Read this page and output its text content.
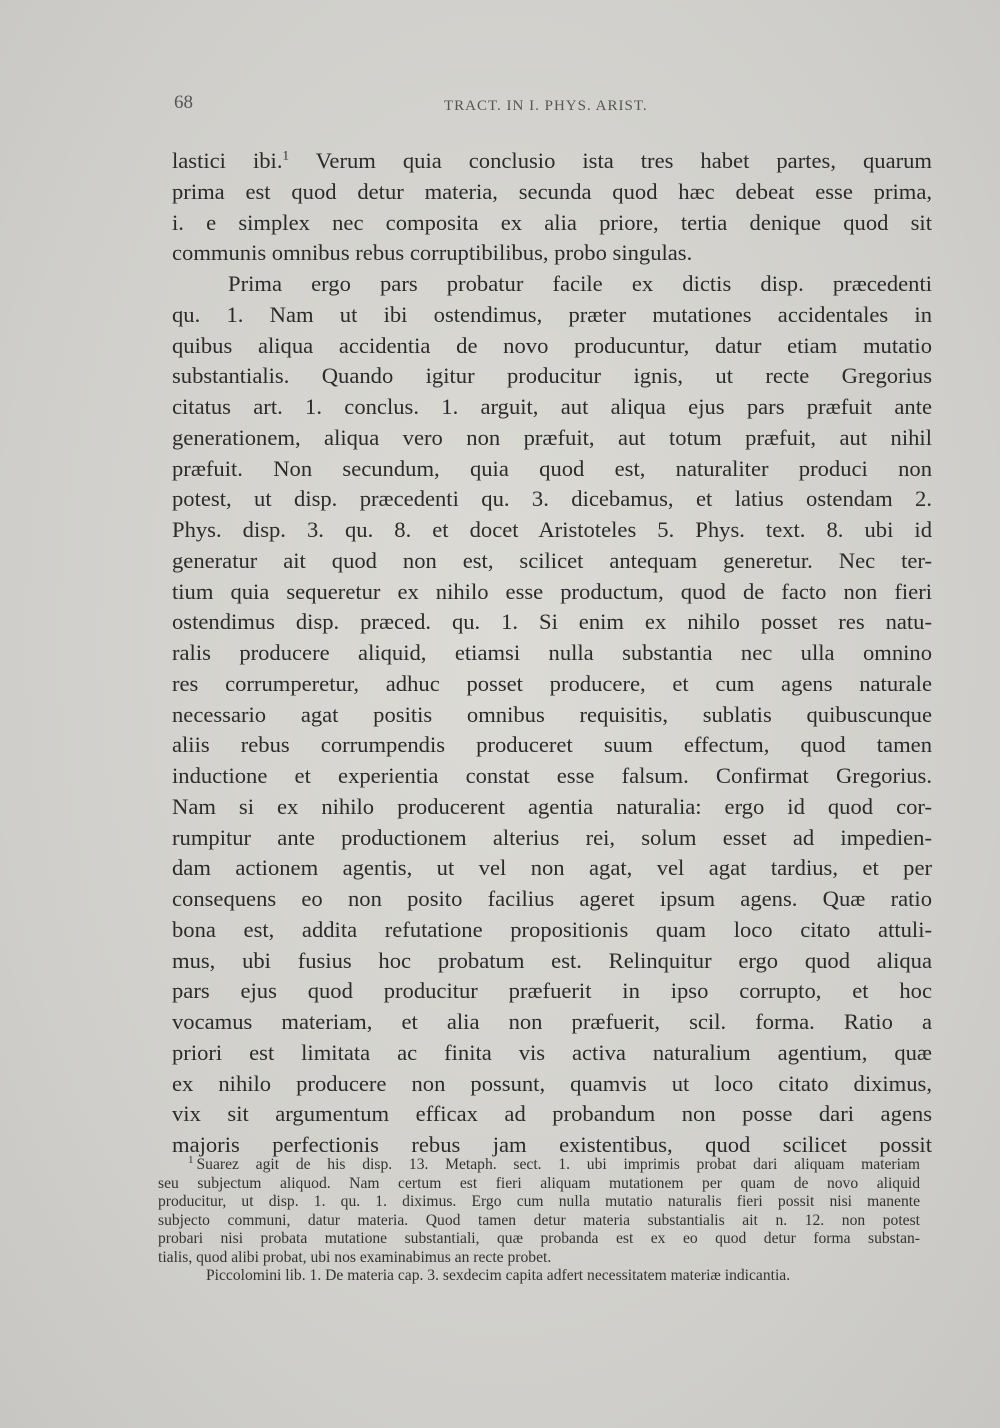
68	TRACT. IN I. PHYS. ARIST.
lastici ibi.$^1$ Verum quia conclusio ista tres habet partes, quarum
prima est quod detur materia, secunda quod hæc debeat esse prima,
i. e simplex nec composita ex alia priore, tertia denique quod sit
communis omnibus rebus corruptibilibus, probo singulas.
Prima ergo pars probatur facile ex dictis disp. præcedenti
qu. 1. Nam ut ibi ostendimus, præter mutationes accidentales in
quibus aliqua accidentia de novo producuntur, datur etiam mutatio
substantialis. Quando igitur producitur ignis, ut recte Gregorius
citatus art. 1. conclus. 1. arguit, aut aliqua ejus pars præfuit ante
generationem, aliqua vero non præfuit, aut totum præfuit, aut nihil
præfuit. Non secundum, quia quod est, naturaliter produci non
potest, ut disp. præcedenti qu. 3. dicebamus, et latius ostendam 2.
Phys. disp. 3. qu. 8. et docet Aristoteles 5. Phys. text. 8. ubi id
generatur ait quod non est, scilicet antequam generetur. Nec ter-
tium quia sequeretur ex nihilo esse productum, quod de facto non fieri
ostendimus disp. præced. qu. 1. Si enim ex nihilo posset res natu-
ralis producere aliquid, etiamsi nulla substantia nec ulla omnino
res corrumperetur, adhuc posset producere, et cum agens naturale
necessario agat positis omnibus requisitis, sublatis quibuscunque
aliis rebus corrumpendis produceret suum effectum, quod tamen
inductione et experientia constat esse falsum. Confirmat Gregorius.
Nam si ex nihilo producerent agentia naturalia: ergo id quod cor-
rumpitur ante productionem alterius rei, solum esset ad impedien-
dam actionem agentis, ut vel non agat, vel agat tardius, et per
consequens eo non posito facilius ageret ipsum agens. Quæ ratio
bona est, addita refutatione propositionis quam loco citato attuli-
mus, ubi fusius hoc probatum est. Relinquitur ergo quod aliqua
pars ejus quod producitur præfuerit in ipso corrupto, et hoc
vocamus materiam, et alia non præfuerit, scil. forma. Ratio a
priori est limitata ac finita vis activa naturalium agentium, quæ
ex nihilo producere non possunt, quamvis ut loco citato diximus,
vix sit argumentum efficax ad probandum non posse dari agens
majoris perfectionis rebus jam existentibus, quod scilicet possit
$^1$ Suarez agit de his disp. 13. Metaph. sect. 1. ubi imprimis probat dari aliquam materiam
seu subjectum aliquod. Nam certum est fieri aliquam mutationem per quam de novo aliquid
producitur, ut disp. 1. qu. 1. diximus. Ergo cum nulla mutatio naturalis fieri possit nisi manente
subjecto communi, datur materia. Quod tamen detur materia substantialis ait n. 12. non potest
probari nisi probata mutatione substantiali, quæ probanda est ex eo quod detur forma substan-
tialis, quod alibi probat, ubi nos examinabimus an recte probet.
Piccolomini lib. 1. De materia cap. 3. sexdecim capita adfert necessitatem materiæ indicantia.
